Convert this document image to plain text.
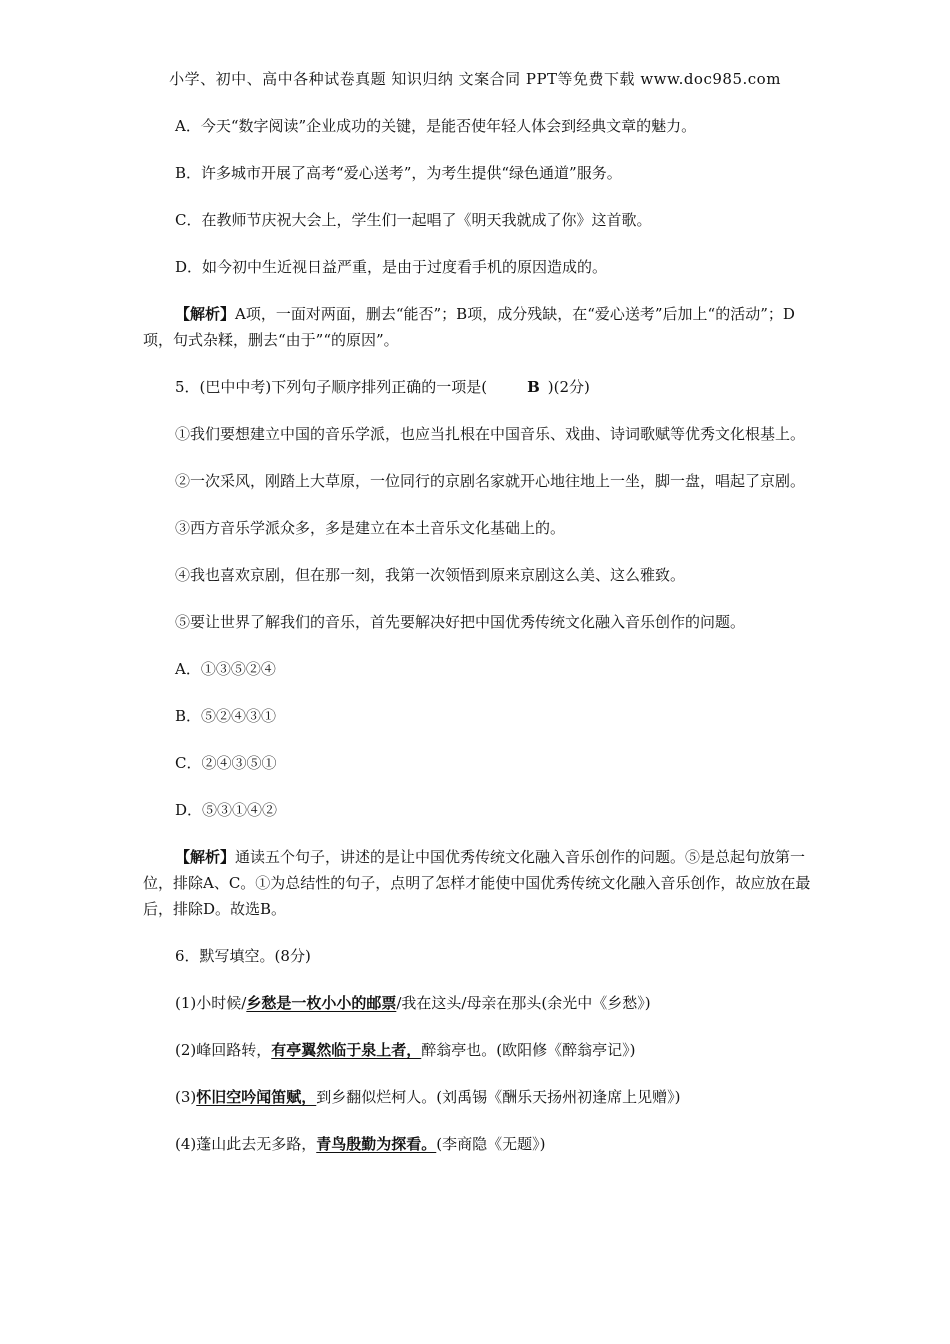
小学、初中、高中各种试卷真题 知识归纳 文案合同 PPT等免费下载 www.doc985.com

A．今天“数字阅读”企业成功的关键，是能否使年轻人体会到经典文章的魅力。

B．许多城市开展了高考“爱心送考”，为考生提供“绿色通道”服务。

C．在教师节庆祝大会上，学生们一起唱了《明天我就成了你》这首歌。

D．如今初中生近视日益严重，是由于过度看手机的原因造成的。

【解析】A项，一面对两面，删去“能否”；B项，成分残缺，在“爱心送考”后加上“的活动”；D项，句式杂糅，删去“由于”“的原因”。

5．(巴中中考)下列句子顺序排列正确的一项是(	B )(2分)

①我们要想建立中国的音乐学派，也应当扎根在中国音乐、戏曲、诗词歌赋等优秀文化根基上。

②一次采风，刚踏上大草原，一位同行的京剧名家就开心地往地上一坐，脚一盘，唱起了京剧。

③西方音乐学派众多，多是建立在本土音乐文化基础上的。

④我也喜欢京剧，但在那一刻，我第一次领悟到原来京剧这么美、这么雅致。

⑤要让世界了解我们的音乐，首先要解决好把中国优秀传统文化融入音乐创作的问题。

A．①③⑤②④

B．⑤②④③①

C．②④③⑤①

D．⑤③①④②

【解析】通读五个句子，讲述的是让中国优秀传统文化融入音乐创作的问题。⑤是总起句放第一位，排除A、C。①为总结性的句子，点明了怎样才能使中国优秀传统文化融入音乐创作，故应放在最后，排除D。故选B。

6．默写填空。(8分)

(1)小时候/乡愁是一枚小小的邮票/我在这头/母亲在那头(余光中《乡愁》)

(2)峰回路转，有亭翼然临于泉上者，醉翁亭也。(欧阳修《醉翁亭记》)

(3)怀旧空吟闻笛赋，到乡翻似烂柯人。(刘禹锡《酬乐天扬州初逢席上见赠》)

(4)蓬山此去无多路，青鸟殷勤为探看。(李商隐《无题》)
